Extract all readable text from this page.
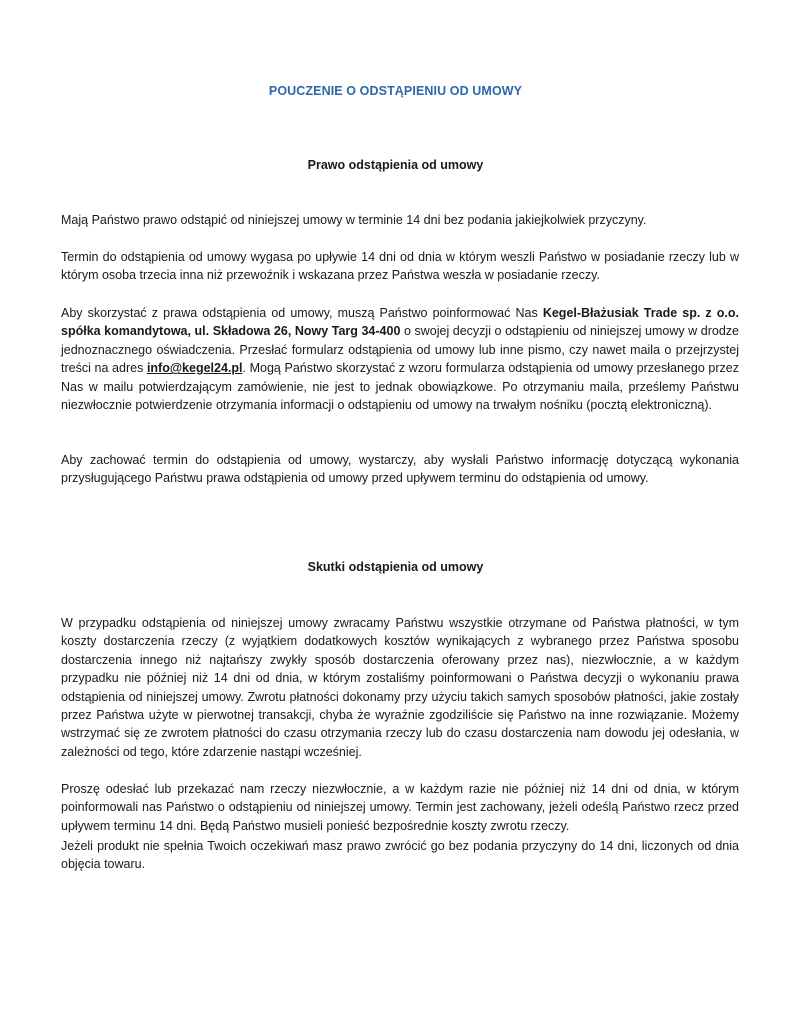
POUCZENIE O ODSTĄPIENIU OD UMOWY
Prawo odstąpienia od umowy
Mają Państwo prawo odstąpić od niniejszej umowy w terminie 14 dni bez podania jakiejkolwiek przyczyny.
Termin do odstąpienia od umowy wygasa po upływie 14 dni od dnia w którym weszli Państwo w posiadanie rzeczy lub w którym osoba trzecia inna niż przewoźnik i wskazana przez Państwa weszła w posiadanie rzeczy.
Aby skorzystać z prawa odstąpienia od umowy, muszą Państwo poinformować Nas Kegel-Błażusiak Trade sp. z o.o. spółka komandytowa, ul. Składowa 26, Nowy Targ 34-400 o swojej decyzji o odstąpieniu od niniejszej umowy w drodze jednoznacznego oświadczenia. Przesłać formularz odstąpienia od umowy lub inne pismo, czy nawet maila o przejrzystej treści na adres info@kegel24.pl. Mogą Państwo skorzystać z wzoru formularza odstąpienia od umowy przesłanego przez Nas w mailu potwierdzającym zamówienie, nie jest to jednak obowiązkowe. Po otrzymaniu maila, prześlemy Państwu niezwłocznie potwierdzenie otrzymania informacji o odstąpieniu od umowy na trwałym nośniku (pocztą elektroniczną).
Aby zachować termin do odstąpienia od umowy, wystarczy, aby wysłali Państwo informację dotyczącą wykonania przysługującego Państwu prawa odstąpienia od umowy przed upływem terminu do odstąpienia od umowy.
Skutki odstąpienia od umowy
W przypadku odstąpienia od niniejszej umowy zwracamy Państwu wszystkie otrzymane od Państwa płatności, w tym koszty dostarczenia rzeczy (z wyjątkiem dodatkowych kosztów wynikających z wybranego przez Państwa sposobu dostarczenia innego niż najtańszy zwykły sposób dostarczenia oferowany przez nas), niezwłocznie, a w każdym przypadku nie później niż 14 dni od dnia, w którym zostaliśmy poinformowani o Państwa decyzji o wykonaniu prawa odstąpienia od niniejszej umowy. Zwrotu płatności dokonamy przy użyciu takich samych sposobów płatności, jakie zostały przez Państwa użyte w pierwotnej transakcji, chyba że wyraźnie zgodziliście się Państwo na inne rozwiązanie. Możemy wstrzymać się ze zwrotem płatności do czasu otrzymania rzeczy lub do czasu dostarczenia nam dowodu jej odesłania, w zależności od tego, które zdarzenie nastąpi wcześniej.
Proszę odesłać lub przekazać nam rzeczy niezwłocznie, a w każdym razie nie później niż 14 dni od dnia, w którym poinformowali nas Państwo o odstąpieniu od niniejszej umowy. Termin jest zachowany, jeżeli odeślą Państwo rzecz przed upływem terminu 14 dni. Będą Państwo musieli ponieść bezpośrednie koszty zwrotu rzeczy.
Jeżeli produkt nie spełnia Twoich oczekiwań masz prawo zwrócić go bez podania przyczyny do 14 dni, liczonych od dnia objęcia towaru.
